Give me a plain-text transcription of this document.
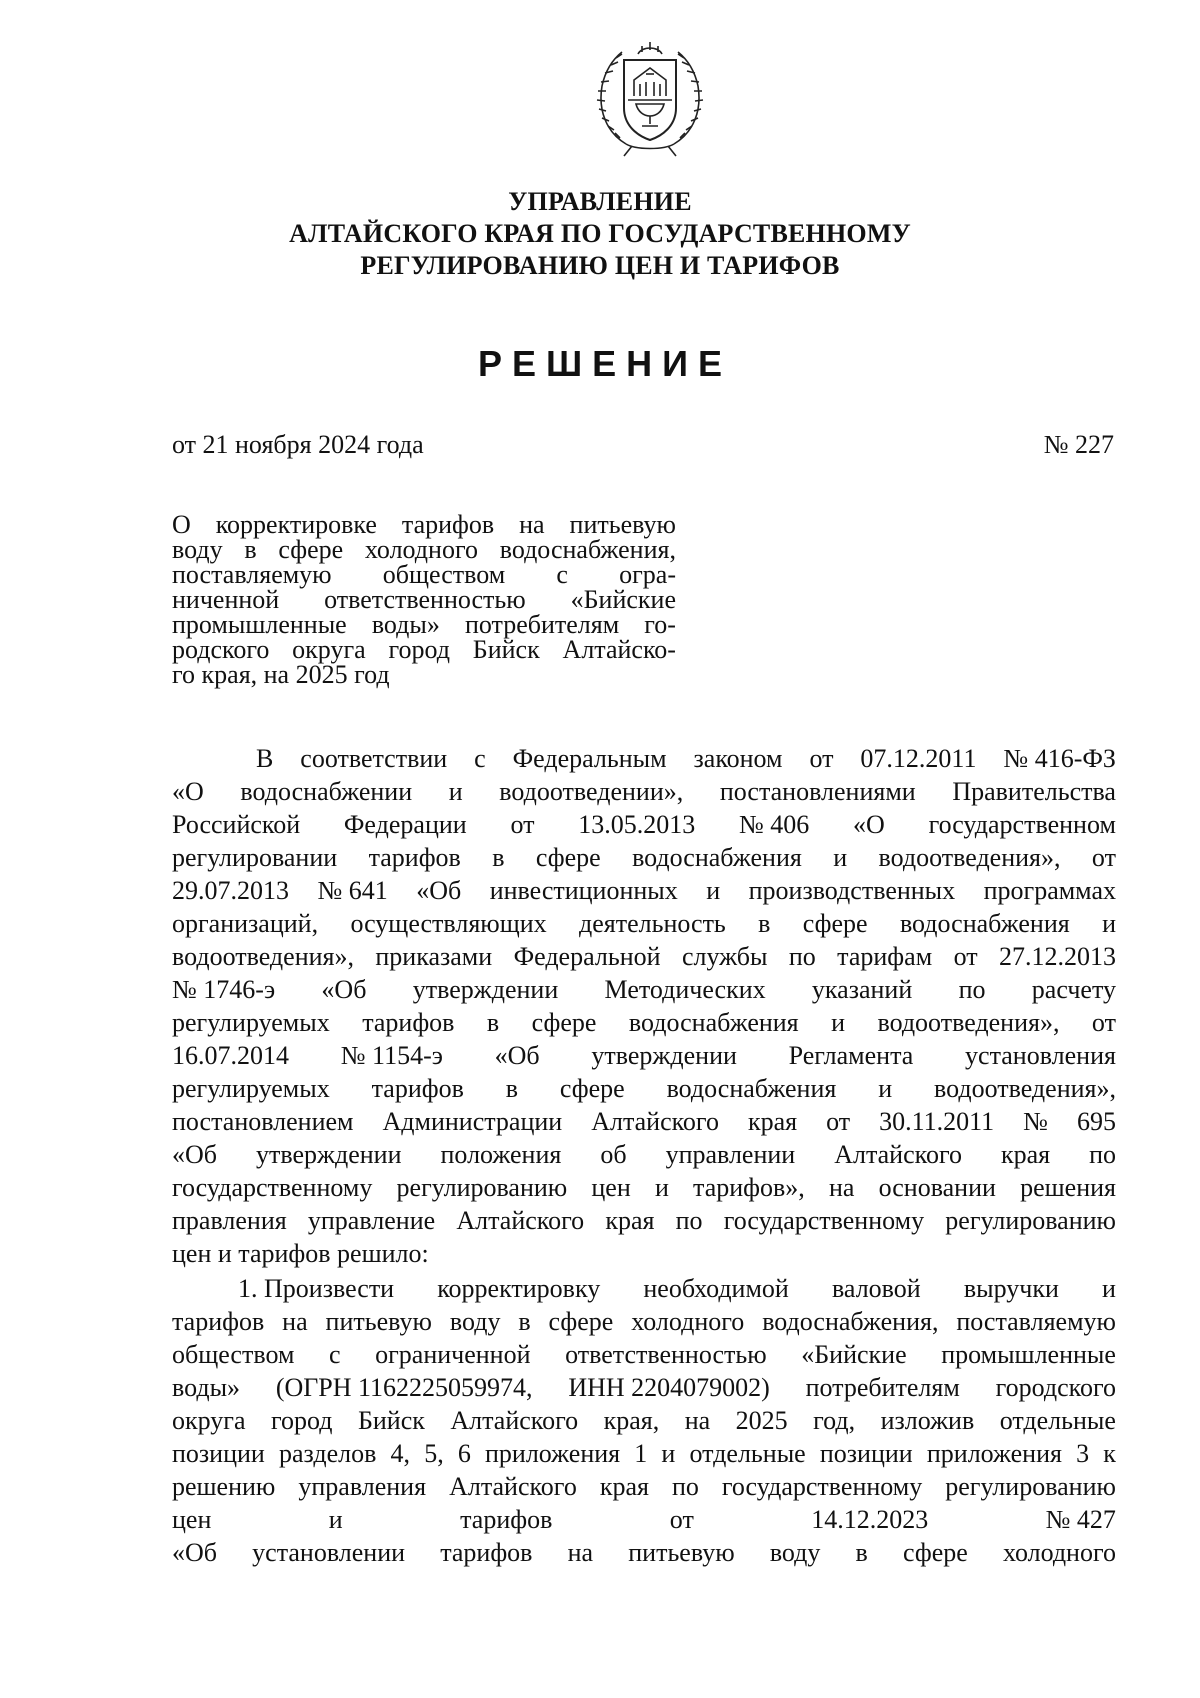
УПРАВЛЕНИЕ
АЛТАЙСКОГО КРАЯ ПО ГОСУДАРСТВЕННОМУ
РЕГУЛИРОВАНИЮ ЦЕН И ТАРИФОВ
РЕШЕНИЕ
от 21 ноября 2024 года	№ 227
О корректировке тарифов на питьевую
воду в сфере холодного водоснабжения,
поставляемую обществом с огра-
ниченной ответственностью «Бийские
промышленные воды» потребителям го-
родского округа город Бийск Алтайско-
го края, на 2025 год
В соответствии с Федеральным законом от 07.12.2011 № 416-ФЗ
«О водоснабжении и водоотведении», постановлениями Правительства
Российской Федерации от 13.05.2013 № 406 «О государственном
регулировании тарифов в сфере водоснабжения и водоотведения», от
29.07.2013 № 641 «Об инвестиционных и производственных программах
организаций, осуществляющих деятельность в сфере водоснабжения и
водоотведения», приказами Федеральной службы по тарифам от 27.12.2013
№ 1746-э «Об утверждении Методических указаний по расчету
регулируемых тарифов в сфере водоснабжения и водоотведения», от
16.07.2014 № 1154-э «Об утверждении Регламента установления
регулируемых тарифов в сфере водоснабжения и водоотведения»,
постановлением Администрации Алтайского края от 30.11.2011 № 695
«Об утверждении положения об управлении Алтайского края по
государственному регулированию цен и тарифов», на основании решения
правления управление Алтайского края по государственному регулированию
цен и тарифов решило:
1. Произвести корректировку необходимой валовой выручки и
тарифов на питьевую воду в сфере холодного водоснабжения, поставляемую
обществом с ограниченной ответственностью «Бийские промышленные
воды» (ОГРН 1162225059974, ИНН 2204079002) потребителям городского
округа город Бийск Алтайского края, на 2025 год, изложив отдельные
позиции разделов 4, 5, 6 приложения 1 и отдельные позиции приложения 3 к
решению управления Алтайского края по государственному регулированию
цен	и	тарифов	от	14.12.2023	№ 427
«Об установлении тарифов на питьевую воду в сфере холодного
